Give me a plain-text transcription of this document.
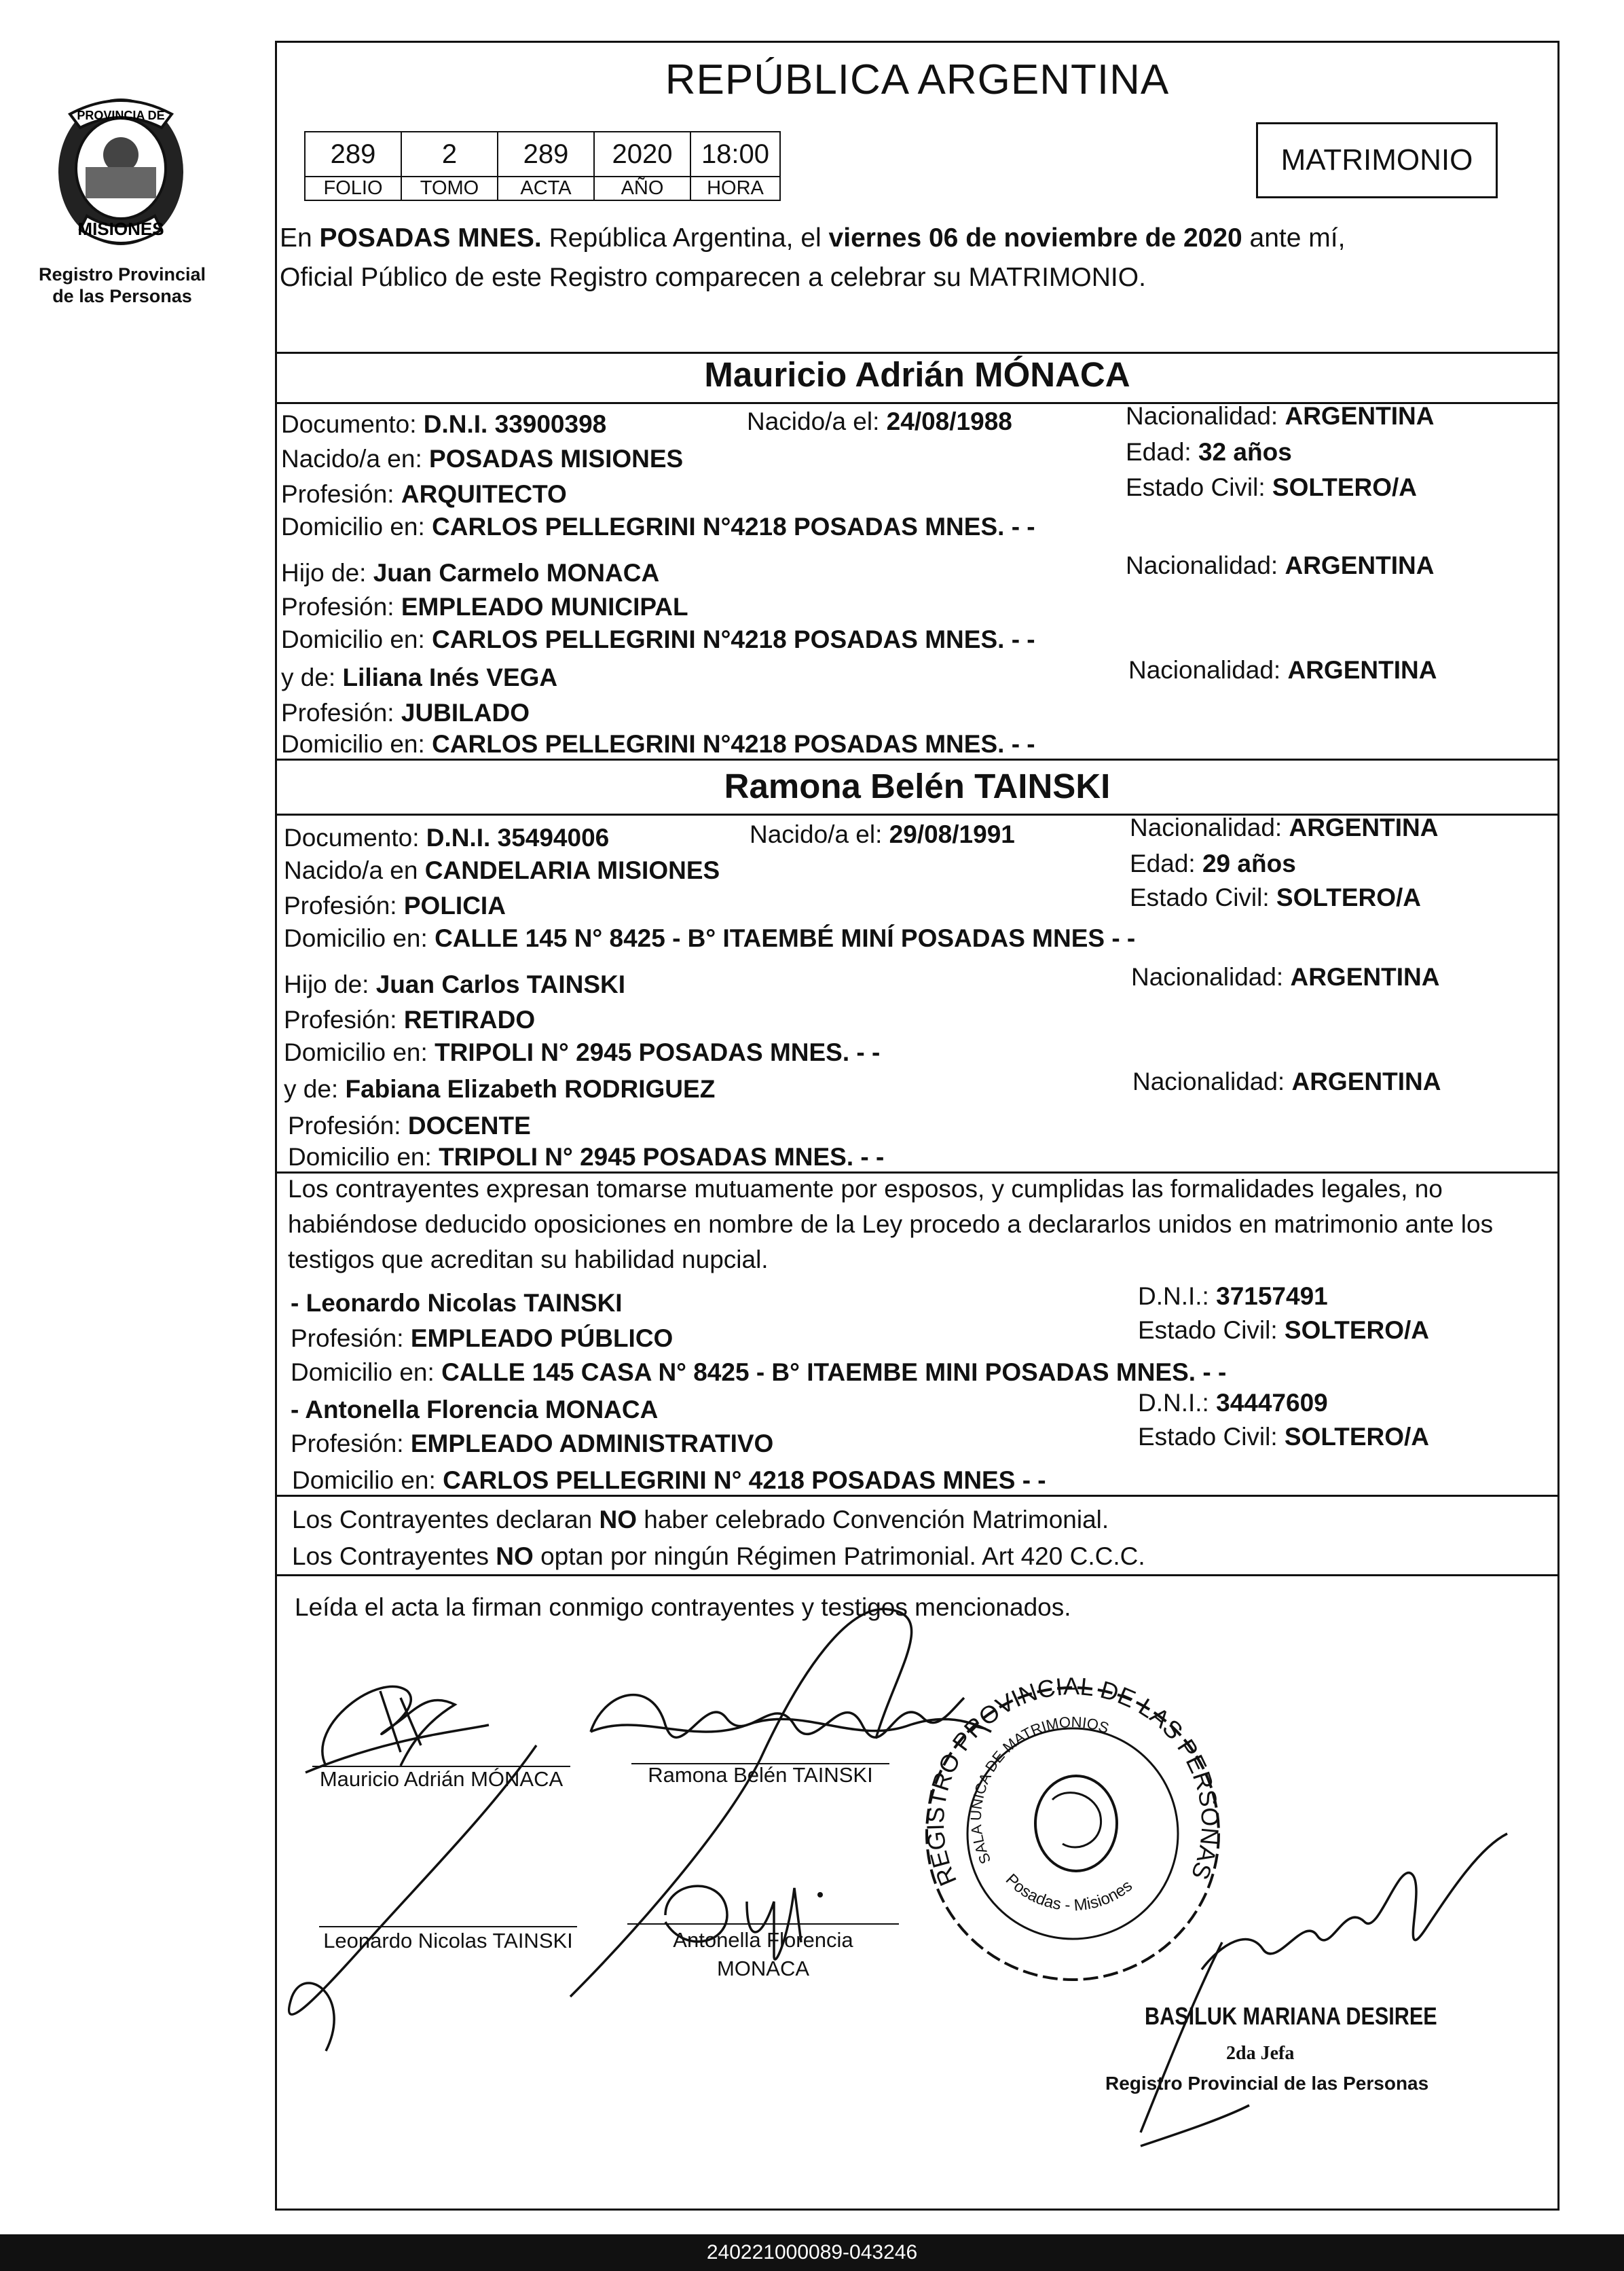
PROVINCIA DE
MISIONES
Registro Provincial
de las Personas
REPÚBLICA ARGENTINA
289	2	289	2020	18:00
FOLIO	TOMO	ACTA	AÑO	HORA
MATRIMONIO
En POSADAS MNES. República Argentina, el viernes 06 de noviembre de 2020 ante mí,
Oficial Público de este Registro comparecen a celebrar su MATRIMONIO.
Mauricio Adrián MÓNACA
Documento: D.N.I. 33900398	Nacido/a el: 24/08/1988	Nacionalidad: ARGENTINA
Nacido/a en: POSADAS MISIONES	Edad: 32 años
Profesión: ARQUITECTO	Estado Civil: SOLTERO/A
Domicilio en: CARLOS PELLEGRINI N°4218 POSADAS MNES. - -
Hijo de: Juan Carmelo MONACA	Nacionalidad: ARGENTINA
Profesión: EMPLEADO MUNICIPAL
Domicilio en: CARLOS PELLEGRINI N°4218 POSADAS MNES. - -
y de: Liliana Inés VEGA	Nacionalidad: ARGENTINA
Profesión: JUBILADO
Domicilio en: CARLOS PELLEGRINI N°4218 POSADAS MNES. - -
Ramona Belén TAINSKI
Documento: D.N.I. 35494006	Nacido/a el: 29/08/1991	Nacionalidad: ARGENTINA
Nacido/a en CANDELARIA MISIONES	Edad: 29 años
Profesión: POLICIA	Estado Civil: SOLTERO/A
Domicilio en: CALLE 145 N° 8425 - B° ITAEMBÉ MINÍ POSADAS MNES - -
Hijo de: Juan Carlos TAINSKI	Nacionalidad: ARGENTINA
Profesión: RETIRADO
Domicilio en: TRIPOLI N° 2945 POSADAS MNES. - -
y de: Fabiana Elizabeth RODRIGUEZ	Nacionalidad: ARGENTINA
Profesión: DOCENTE
Domicilio en: TRIPOLI N° 2945 POSADAS MNES. - -
Los contrayentes expresan tomarse mutuamente por esposos, y cumplidas las formalidades legales, no habiéndose deducido oposiciones en nombre de la Ley procedo a declararlos unidos en matrimonio ante los testigos que acreditan su habilidad nupcial.
- Leonardo Nicolas TAINSKI	D.N.I.: 37157491
Profesión: EMPLEADO PÚBLICO	Estado Civil: SOLTERO/A
Domicilio en: CALLE 145 CASA N° 8425 - B° ITAEMBE MINI POSADAS MNES. - -
- Antonella Florencia MONACA	D.N.I.: 34447609
Profesión: EMPLEADO ADMINISTRATIVO	Estado Civil: SOLTERO/A
Domicilio en: CARLOS PELLEGRINI N° 4218 POSADAS MNES - -
Los Contrayentes declaran NO haber celebrado Convención Matrimonial.
Los Contrayentes NO optan por ningún Régimen Patrimonial. Art 420 C.C.C.
Leída el acta la firman conmigo contrayentes y testigos mencionados.
Mauricio Adrián MÓNACA	Ramona Belén TAINSKI
Leonardo Nicolas TAINSKI	Antonella Florencia
MONACA
REGISTRO PROVINCIAL DE LAS PERSONAS
SALA UNICA DE MATRIMONIOS
Posadas - Misiones
BASILUK MARIANA DESIREE
2da Jefa
Registro Provincial de las Personas
240221000089-043246
